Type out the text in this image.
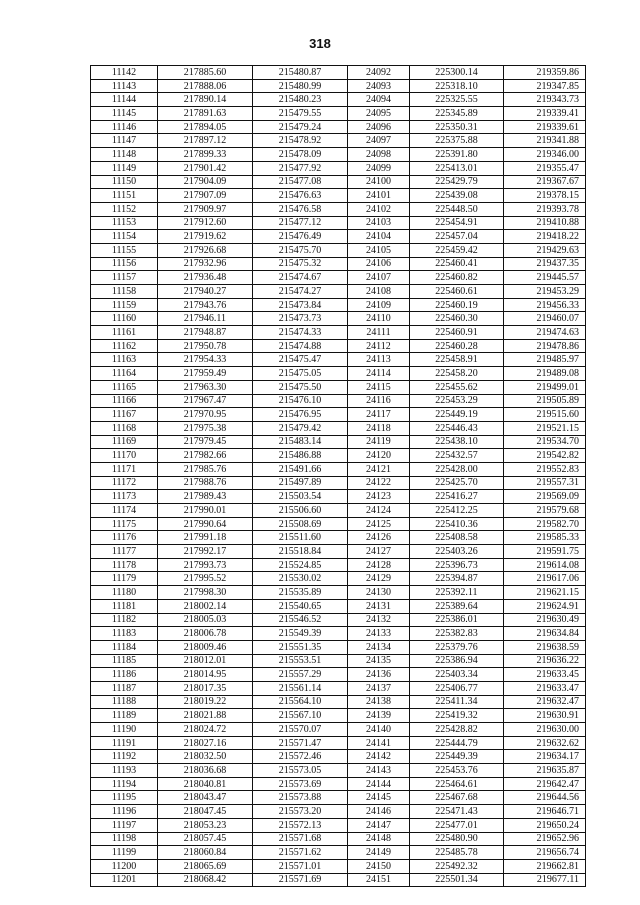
318
11142	217885.60	215480.87	24092	225300.14	219359.86
11143	217888.06	215480.99	24093	225318.10	219347.85
11144	217890.14	215480.23	24094	225325.55	219343.73
11145	217891.63	215479.55	24095	225345.89	219339.41
11146	217894.05	215479.24	24096	225350.31	219339.61
11147	217897.12	215478.92	24097	225375.88	219341.88
11148	217899.33	215478.09	24098	225391.80	219346.00
11149	217901.42	215477.92	24099	225413.01	219355.47
11150	217904.09	215477.08	24100	225429.79	219367.67
11151	217907.09	215476.63	24101	225439.08	219378.15
11152	217909.97	215476.58	24102	225448.50	219393.78
11153	217912.60	215477.12	24103	225454.91	219410.88
11154	217919.62	215476.49	24104	225457.04	219418.22
11155	217926.68	215475.70	24105	225459.42	219429.63
11156	217932.96	215475.32	24106	225460.41	219437.35
11157	217936.48	215474.67	24107	225460.82	219445.57
11158	217940.27	215474.27	24108	225460.61	219453.29
11159	217943.76	215473.84	24109	225460.19	219456.33
11160	217946.11	215473.73	24110	225460.30	219460.07
11161	217948.87	215474.33	24111	225460.91	219474.63
11162	217950.78	215474.88	24112	225460.28	219478.86
11163	217954.33	215475.47	24113	225458.91	219485.97
11164	217959.49	215475.05	24114	225458.20	219489.08
11165	217963.30	215475.50	24115	225455.62	219499.01
11166	217967.47	215476.10	24116	225453.29	219505.89
11167	217970.95	215476.95	24117	225449.19	219515.60
11168	217975.38	215479.42	24118	225446.43	219521.15
11169	217979.45	215483.14	24119	225438.10	219534.70
11170	217982.66	215486.88	24120	225432.57	219542.82
11171	217985.76	215491.66	24121	225428.00	219552.83
11172	217988.76	215497.89	24122	225425.70	219557.31
11173	217989.43	215503.54	24123	225416.27	219569.09
11174	217990.01	215506.60	24124	225412.25	219579.68
11175	217990.64	215508.69	24125	225410.36	219582.70
11176	217991.18	215511.60	24126	225408.58	219585.33
11177	217992.17	215518.84	24127	225403.26	219591.75
11178	217993.73	215524.85	24128	225396.73	219614.08
11179	217995.52	215530.02	24129	225394.87	219617.06
11180	217998.30	215535.89	24130	225392.11	219621.15
11181	218002.14	215540.65	24131	225389.64	219624.91
11182	218005.03	215546.52	24132	225386.01	219630.49
11183	218006.78	215549.39	24133	225382.83	219634.84
11184	218009.46	215551.35	24134	225379.76	219638.59
11185	218012.01	215553.51	24135	225386.94	219636.22
11186	218014.95	215557.29	24136	225403.34	219633.45
11187	218017.35	215561.14	24137	225406.77	219633.47
11188	218019.22	215564.10	24138	225411.34	219632.47
11189	218021.88	215567.10	24139	225419.32	219630.91
11190	218024.72	215570.07	24140	225428.82	219630.00
11191	218027.16	215571.47	24141	225444.79	219632.62
11192	218032.50	215572.46	24142	225449.39	219634.17
11193	218036.68	215573.05	24143	225453.76	219635.87
11194	218040.81	215573.69	24144	225464.61	219642.47
11195	218043.47	215573.88	24145	225467.68	219644.56
11196	218047.45	215573.20	24146	225471.43	219646.71
11197	218053.23	215572.13	24147	225477.01	219650.24
11198	218057.45	215571.68	24148	225480.90	219652.96
11199	218060.84	215571.62	24149	225485.78	219656.74
11200	218065.69	215571.01	24150	225492.32	219662.81
11201	218068.42	215571.69	24151	225501.34	219677.11
